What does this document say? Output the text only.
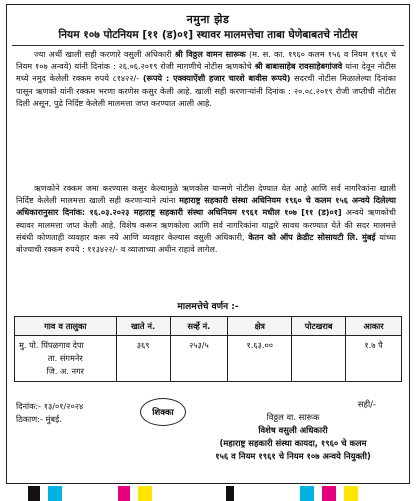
नमुना झेड
नियम १०७ पोटनियम [११ (ड)०१] स्थावर मालमत्तेचा ताबा घेणेबाबतचे नोटीस
ज्या अर्थी खाली सही करणारे वसुली अधिकारी श्री विठ्ठल वामन सारूक (म. स. का. १९६० कलम १५६ व नियम १९६१ चे नियम १०७ अन्वये) यांनी दिनांक : २६.०६.२०१९ रोजी मागणीचे नोटीस ऋणकोचे श्री बाबासाहेब रावसाहेबगांजवे यांना देवून नोटीस मध्ये नमुद केलेली रक्कम रुपये ८१४२२/- (रूपये : एक्क्याऐंशी हजार चारशे बावीस रूपये) सदरची नोटीस मिळालेल्या दिनांका पासून ऋणको यांनी रक्कम भरणा करणेस कसुर केली आहे. खाली सही करणाऱ्यांनी दिनांक : २०.०८.२०१९ रोजी जप्तीची नोटीस दिली असून, पुढे निर्दिष्ट केलेली मालमत्ता जप्त करण्यात आली आहे.
ऋणकोने रक्कम जमा करण्यास कसुर केल्यामुळे ऋणकोस यान्मणे नोटीस देण्यात येत आहे आणि सर्व नागरिकांना खाली निर्दिष्ट केलेली मालमत्ता खाली सही करणाऱ्याने त्यांना महाराष्ट्र सहकारी संस्था अधिनियम १९६० चे कलम १५६ अन्वये दिलेल्या अधिकारानुसार दिनांक: १६.०३.२०२३ महाराष्ट्र सहकारी संस्था अधिनियम १९६१ मधील १०७ [११ (ड)०१] अन्वये ऋणकोची स्थावर मालमत्ता जप्त केली आहे. विशेष करून ऋणकोला आणि सर्व नागरिकांना याद्वारे सावध करण्यात येते की सदर मालमत्ते संबंधी कोणताही व्यवहार करू नये आणि व्यवहार केल्यास वसुली अधिकारी, केतन को ऑप क्रेडीट सोसायटी लि. मुंबई यांच्या बोज्याची रक्कम रुपये : ११३४२२/- व व्याजाच्या अधीन राहावे लागेल.
मालमत्तेचे वर्णन :-
गाव व तालुका	खाते नं.	सर्व्हे नं.	क्षेत्र	पोटखराब	आकार

मु. पो. पिंपळगाव देपा
ता. संगमनेर
जि. अ. नगर	३६९	२५३/५	१.६३.००		१.७ पै
दिनांक:- १३/०१/२०२४
ठिकाण:- मुंबई.
शिक्का
सही/-
विठ्ठल वा. सारूक
विशेष वसुली अधिकारी
(महाराष्ट्र सहकारी संस्था कायदा, १९६० चे कलम
१५६ व नियम १९६१ चे नियम १०७ अन्वये नियुक्ती)
